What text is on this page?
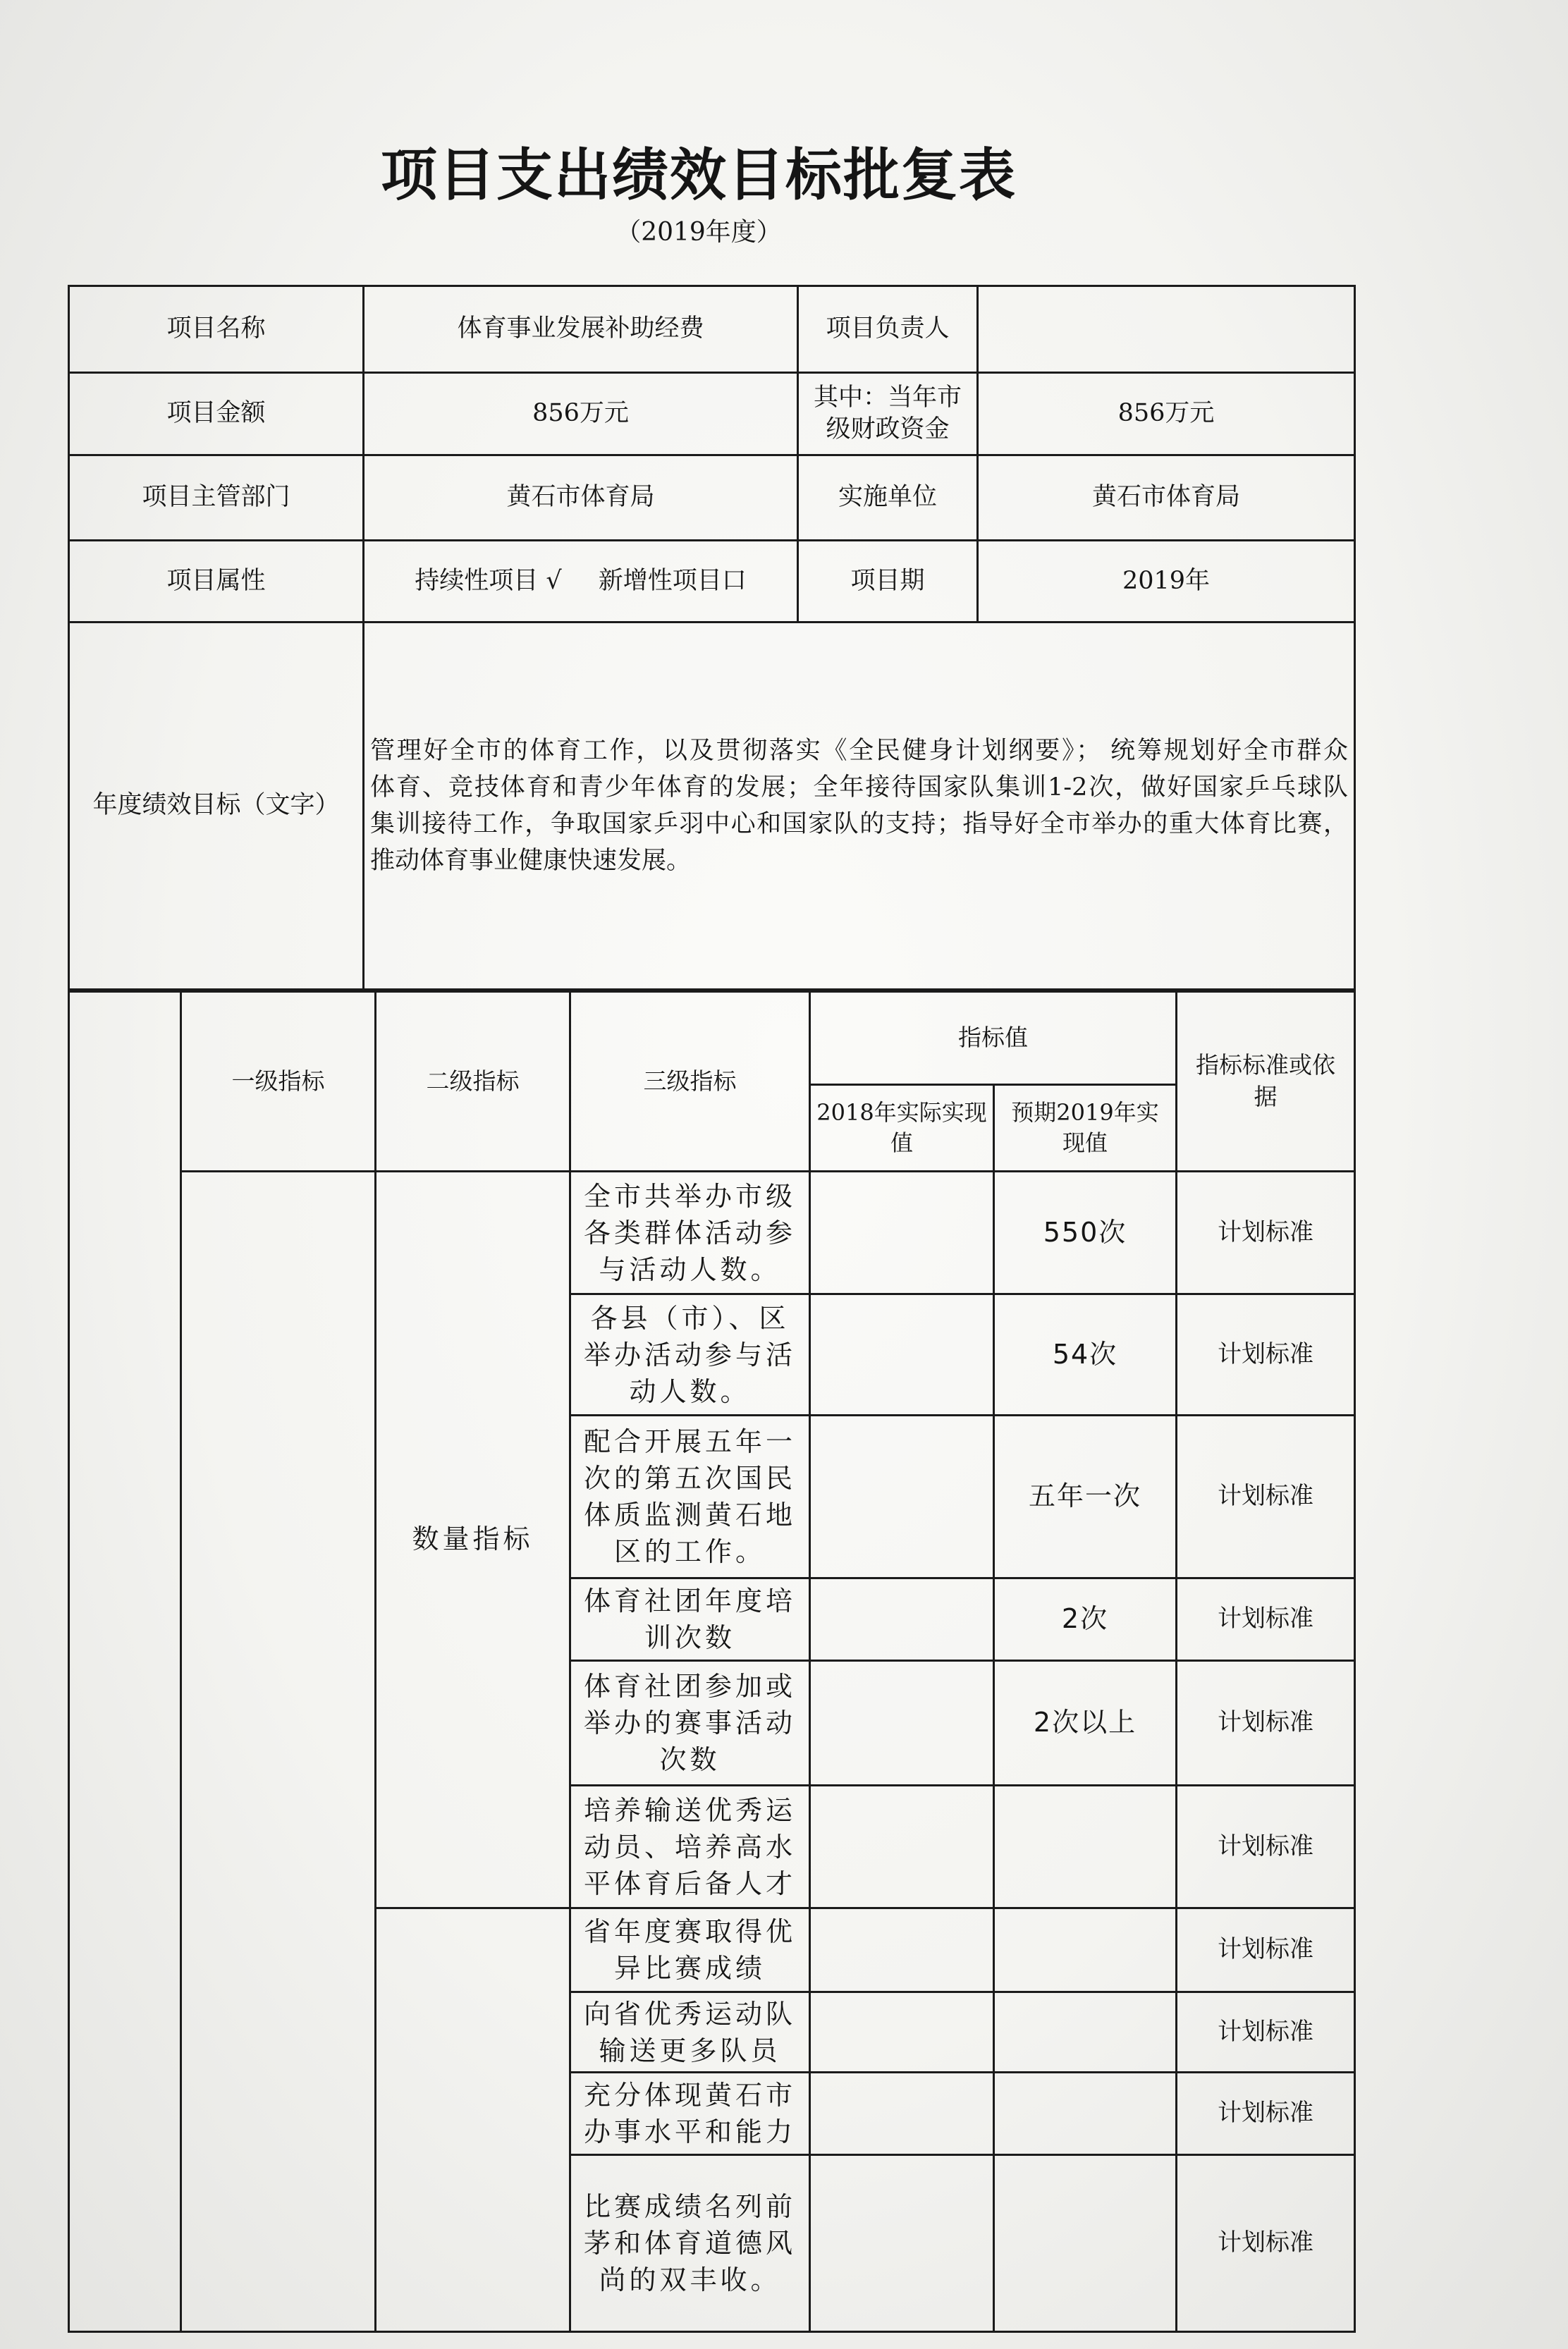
项目支出绩效目标批复表
（2019年度）
项目名称	体育事业发展补助经费	项目负责人	
项目金额	856万元	其中：当年市级财政资金	856万元
项目主管部门	黄石市体育局	实施单位	黄石市体育局
项目属性	持续性项目 √ 新增性项目口	项目期	2019年
年度绩效目标（文字）	管理好全市的体育工作，以及贯彻落实《全民健身计划纲要》； 统筹规划好全市群众
体育、竞技体育和青少年体育的发展；全年接待国家队集训1-2次，做好国家乒乓球队
集训接待工作，争取国家乒羽中心和国家队的支持；指导好全市举办的重大体育比赛，
推动体育事业健康快速发展。		
	一级指标	二级指标	三级指标	指标值		指标标准或依据
				2018年实际实现值	预期2019年实现值	
		数量指标	全市共举办市级各类群体活动参与活动人数。		550次	计划标准
			各县（市）、区举办活动参与活动人数。		54次	计划标准
			配合开展五年一次的第五次国民体质监测黄石地区的工作。		五年一次	计划标准
			体育社团年度培训次数		2次	计划标准
			体育社团参加或举办的赛事活动次数		2次以上	计划标准
			培养输送优秀运动员、培养高水平体育后备人才			计划标准
			省年度赛取得优异比赛成绩			计划标准
			向省优秀运动队输送更多队员			计划标准
			充分体现黄石市办事水平和能力			计划标准
			比赛成绩名列前茅和体育道德风尚的双丰收。			计划标准
